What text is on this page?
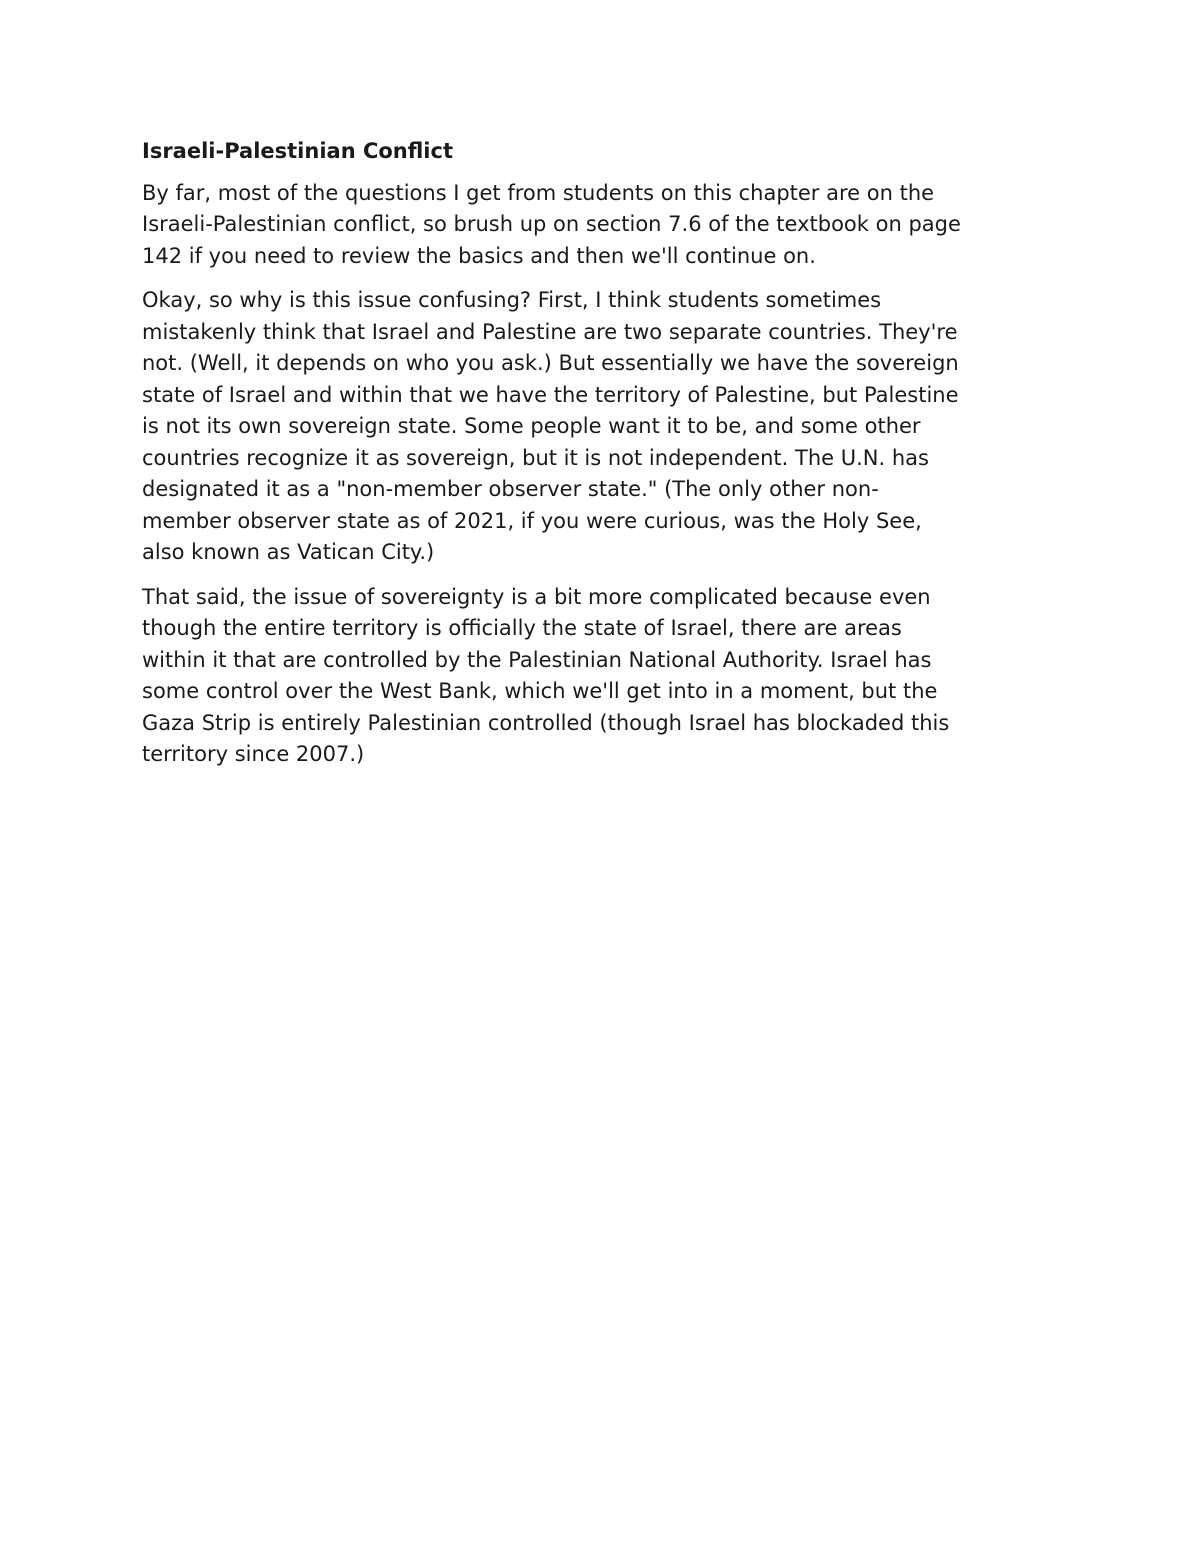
Israeli-Palestinian Conflict

By far, most of the questions I get from students on this chapter are on the
Israeli-Palestinian conflict, so brush up on section 7.6 of the textbook on page
142 if you need to review the basics and then we'll continue on.

Okay, so why is this issue confusing? First, I think students sometimes
mistakenly think that Israel and Palestine are two separate countries. They're
not. (Well, it depends on who you ask.) But essentially we have the sovereign
state of Israel and within that we have the territory of Palestine, but Palestine
is not its own sovereign state. Some people want it to be, and some other
countries recognize it as sovereign, but it is not independent. The U.N. has
designated it as a "non-member observer state." (The only other non-
member observer state as of 2021, if you were curious, was the Holy See,
also known as Vatican City.)

That said, the issue of sovereignty is a bit more complicated because even
though the entire territory is officially the state of Israel, there are areas
within it that are controlled by the Palestinian National Authority. Israel has
some control over the West Bank, which we'll get into in a moment, but the
Gaza Strip is entirely Palestinian controlled (though Israel has blockaded this
territory since 2007.)
